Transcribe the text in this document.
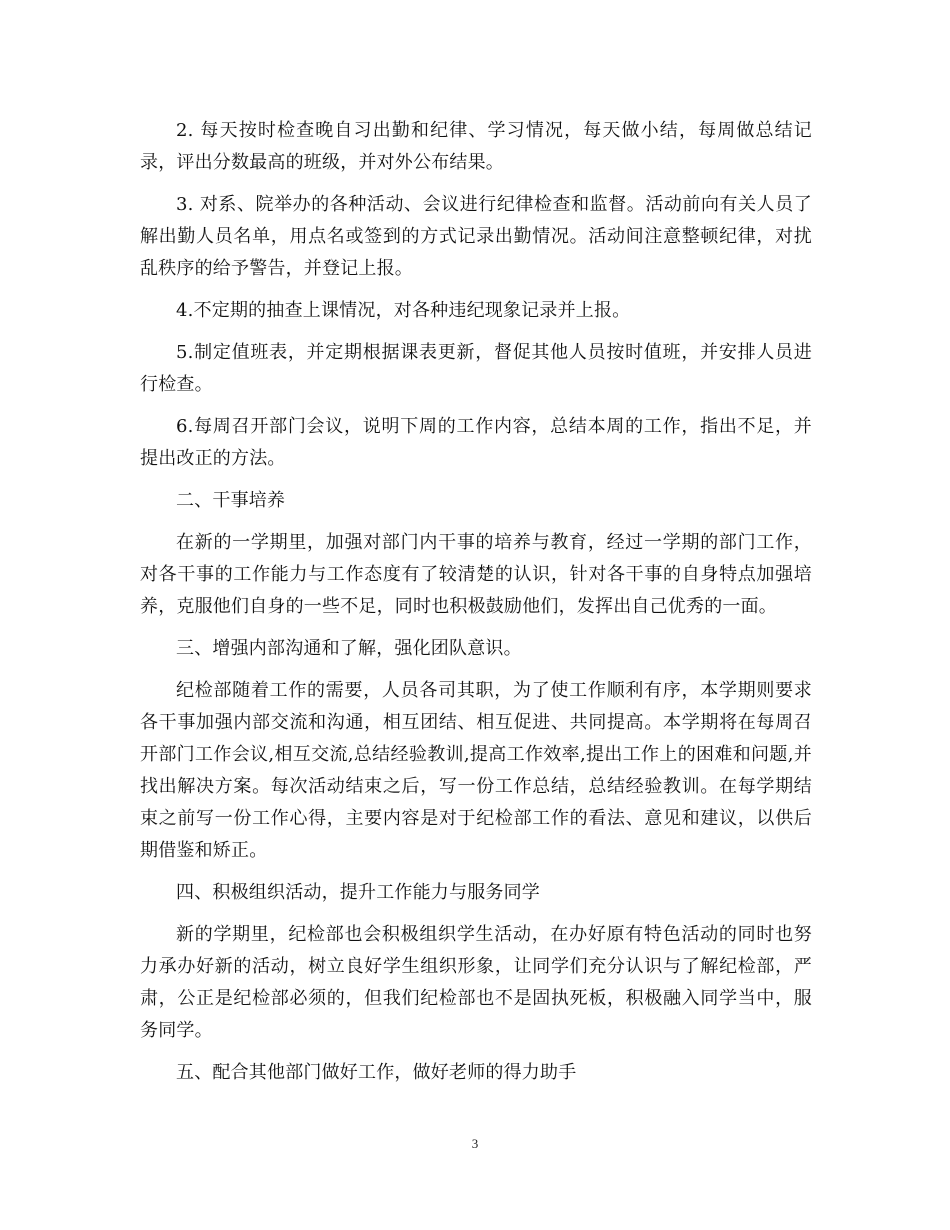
2. 每天按时检查晚自习出勤和纪律、学习情况，每天做小结，每周做总结记录，评出分数最高的班级，并对外公布结果。

3. 对系、院举办的各种活动、会议进行纪律检查和监督。活动前向有关人员了解出勤人员名单，用点名或签到的方式记录出勤情况。活动间注意整顿纪律，对扰乱秩序的给予警告，并登记上报。

4.不定期的抽查上课情况，对各种违纪现象记录并上报。

5.制定值班表，并定期根据课表更新，督促其他人员按时值班，并安排人员进行检查。

6.每周召开部门会议，说明下周的工作内容，总结本周的工作，指出不足，并提出改正的方法。

二、干事培养

在新的一学期里，加强对部门内干事的培养与教育，经过一学期的部门工作，对各干事的工作能力与工作态度有了较清楚的认识，针对各干事的自身特点加强培养，克服他们自身的一些不足，同时也积极鼓励他们，发挥出自己优秀的一面。

三、增强内部沟通和了解，强化团队意识。

纪检部随着工作的需要，人员各司其职，为了使工作顺利有序，本学期则要求各干事加强内部交流和沟通，相互团结、相互促进、共同提高。本学期将在每周召开部门工作会议,相互交流,总结经验教训,提高工作效率,提出工作上的困难和问题,并找出解决方案。每次活动结束之后，写一份工作总结，总结经验教训。在每学期结束之前写一份工作心得，主要内容是对于纪检部工作的看法、意见和建议，以供后期借鉴和矫正。

四、积极组织活动，提升工作能力与服务同学

新的学期里，纪检部也会积极组织学生活动，在办好原有特色活动的同时也努力承办好新的活动，树立良好学生组织形象，让同学们充分认识与了解纪检部，严肃，公正是纪检部必须的，但我们纪检部也不是固执死板，积极融入同学当中，服务同学。

五、配合其他部门做好工作，做好老师的得力助手

3
